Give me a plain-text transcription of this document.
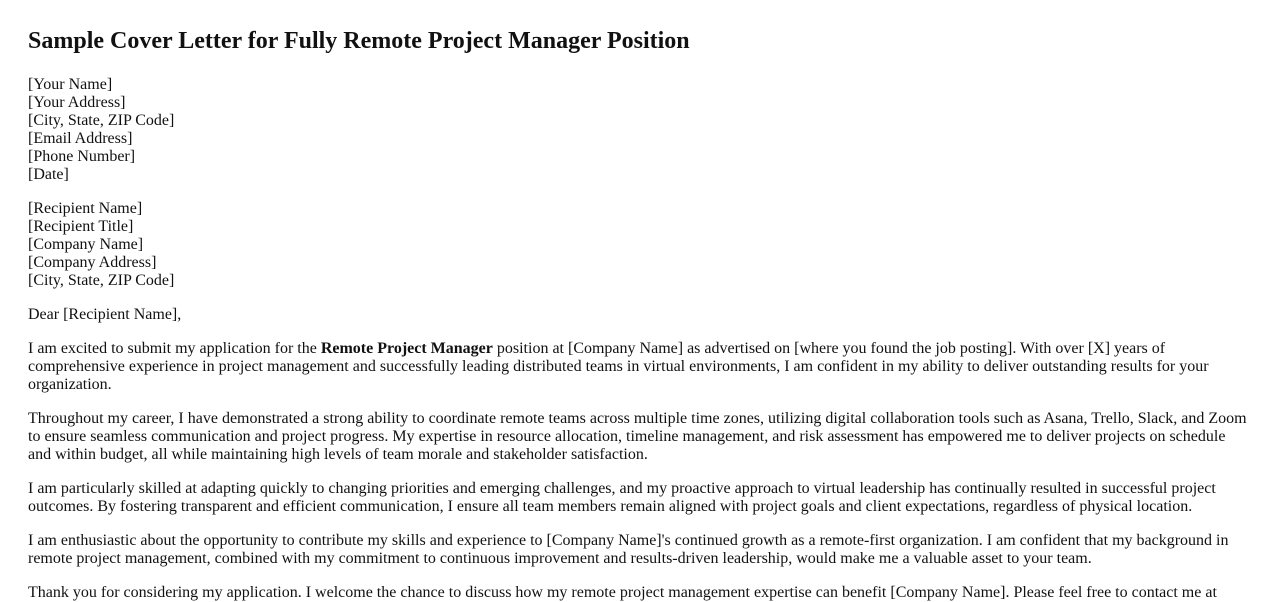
Sample Cover Letter for Fully Remote Project Manager Position
[Your Name]
[Your Address]
[City, State, ZIP Code]
[Email Address]
[Phone Number]
[Date]
[Recipient Name]
[Recipient Title]
[Company Name]
[Company Address]
[City, State, ZIP Code]

Dear [Recipient Name],

I am excited to submit my application for the Remote Project Manager position at [Company Name] as advertised on [where you found the job posting]. With over [X] years of comprehensive experience in project management and successfully leading distributed teams in virtual environments, I am confident in my ability to deliver outstanding results for your organization.

Throughout my career, I have demonstrated a strong ability to coordinate remote teams across multiple time zones, utilizing digital collaboration tools such as Asana, Trello, Slack, and Zoom to ensure seamless communication and project progress. My expertise in resource allocation, timeline management, and risk assessment has empowered me to deliver projects on schedule and within budget, all while maintaining high levels of team morale and stakeholder satisfaction.

I am particularly skilled at adapting quickly to changing priorities and emerging challenges, and my proactive approach to virtual leadership has continually resulted in successful project outcomes. By fostering transparent and efficient communication, I ensure all team members remain aligned with project goals and client expectations, regardless of physical location.

I am enthusiastic about the opportunity to contribute my skills and experience to [Company Name]'s continued growth as a remote-first organization. I am confident that my background in remote project management, combined with my commitment to continuous improvement and results-driven leadership, would make me a valuable asset to your team.

Thank you for considering my application. I welcome the chance to discuss how my remote project management expertise can benefit [Company Name]. Please feel free to contact me at
